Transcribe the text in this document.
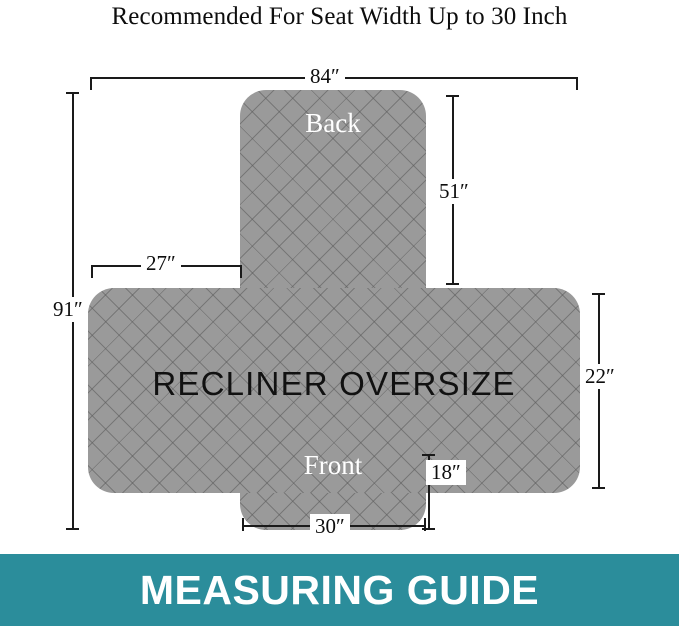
Recommended For Seat Width Up to 30 Inch
Back
RECLINER OVERSIZE
Front
84″
51″
27″
91″
22″
18″
30″
MEASURING GUIDE
